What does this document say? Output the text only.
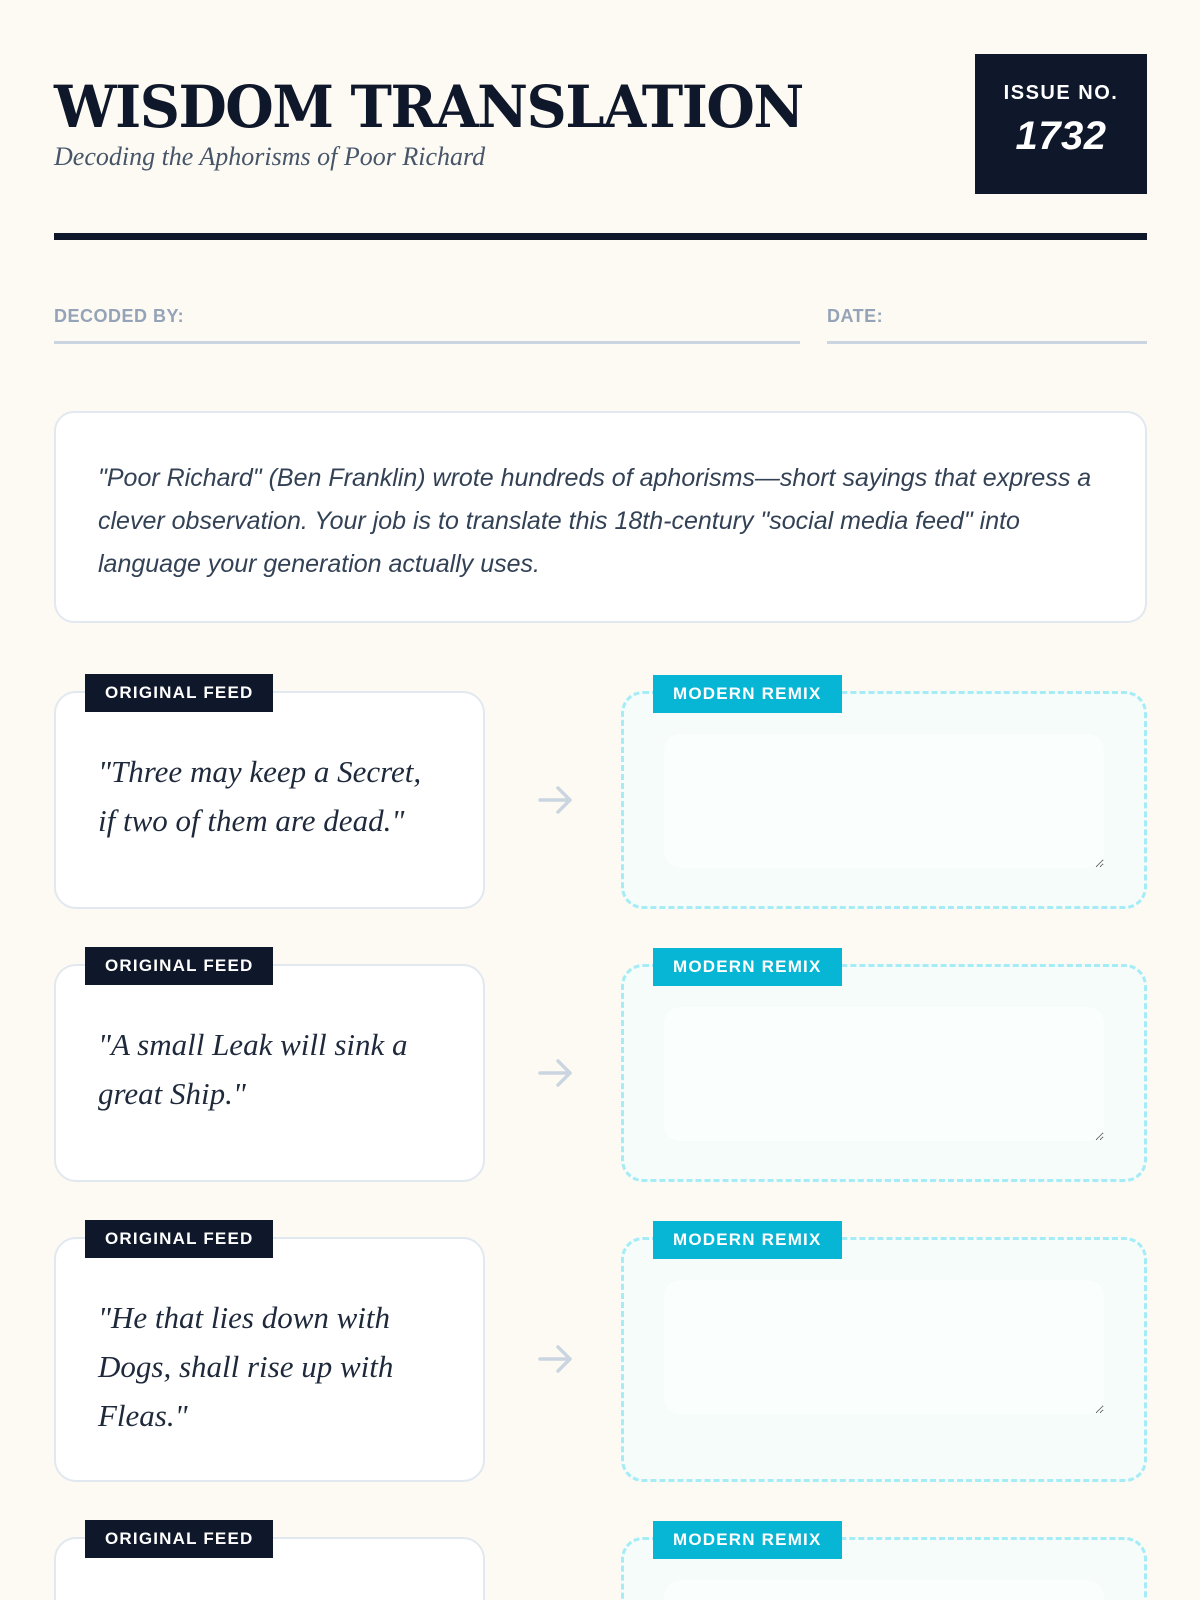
WISDOM TRANSLATION
Decoding the Aphorisms of Poor Richard
ISSUE NO.
1732
DECODED BY:	DATE:

"Poor Richard" (Ben Franklin) wrote hundreds of aphorisms—short sayings that express a clever observation. Your job is to translate this 18th-century "social media feed" into language your generation actually uses.

ORIGINAL FEED

"Three may keep a Secret, if two of them are dead."

MODERN REMIX
ORIGINAL FEED

"A small Leak will sink a great Ship."

MODERN REMIX
ORIGINAL FEED

"He that lies down with Dogs, shall rise up with Fleas."

MODERN REMIX
ORIGINAL FEED	MODERN REMIX
